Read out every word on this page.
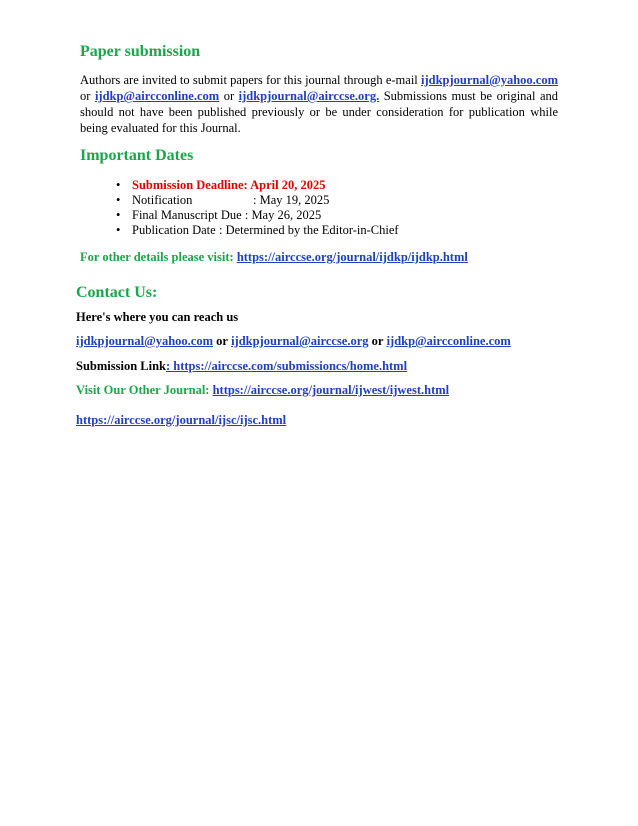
Paper submission
Authors are invited to submit papers for this journal through e-mail ijdkpjournal@yahoo.com or ijdkp@aircconline.com or ijdkpjournal@airccse.org. Submissions must be original and should not have been published previously or be under consideration for publication while being evaluated for this Journal.
Important Dates
• Submission Deadline: April 20, 2025
• Notification	: May 19, 2025
• Final Manuscript Due : May 26, 2025
• Publication Date : Determined by the Editor-in-Chief
For other details please visit: https://airccse.org/journal/ijdkp/ijdkp.html
Contact Us:
Here's where you can reach us
ijdkpjournal@yahoo.com or ijdkpjournal@airccse.org or ijdkp@aircconline.com
Submission Link: https://airccse.com/submissioncs/home.html
Visit Our Other Journal: https://airccse.org/journal/ijwest/ijwest.html
https://airccse.org/journal/ijsc/ijsc.html
